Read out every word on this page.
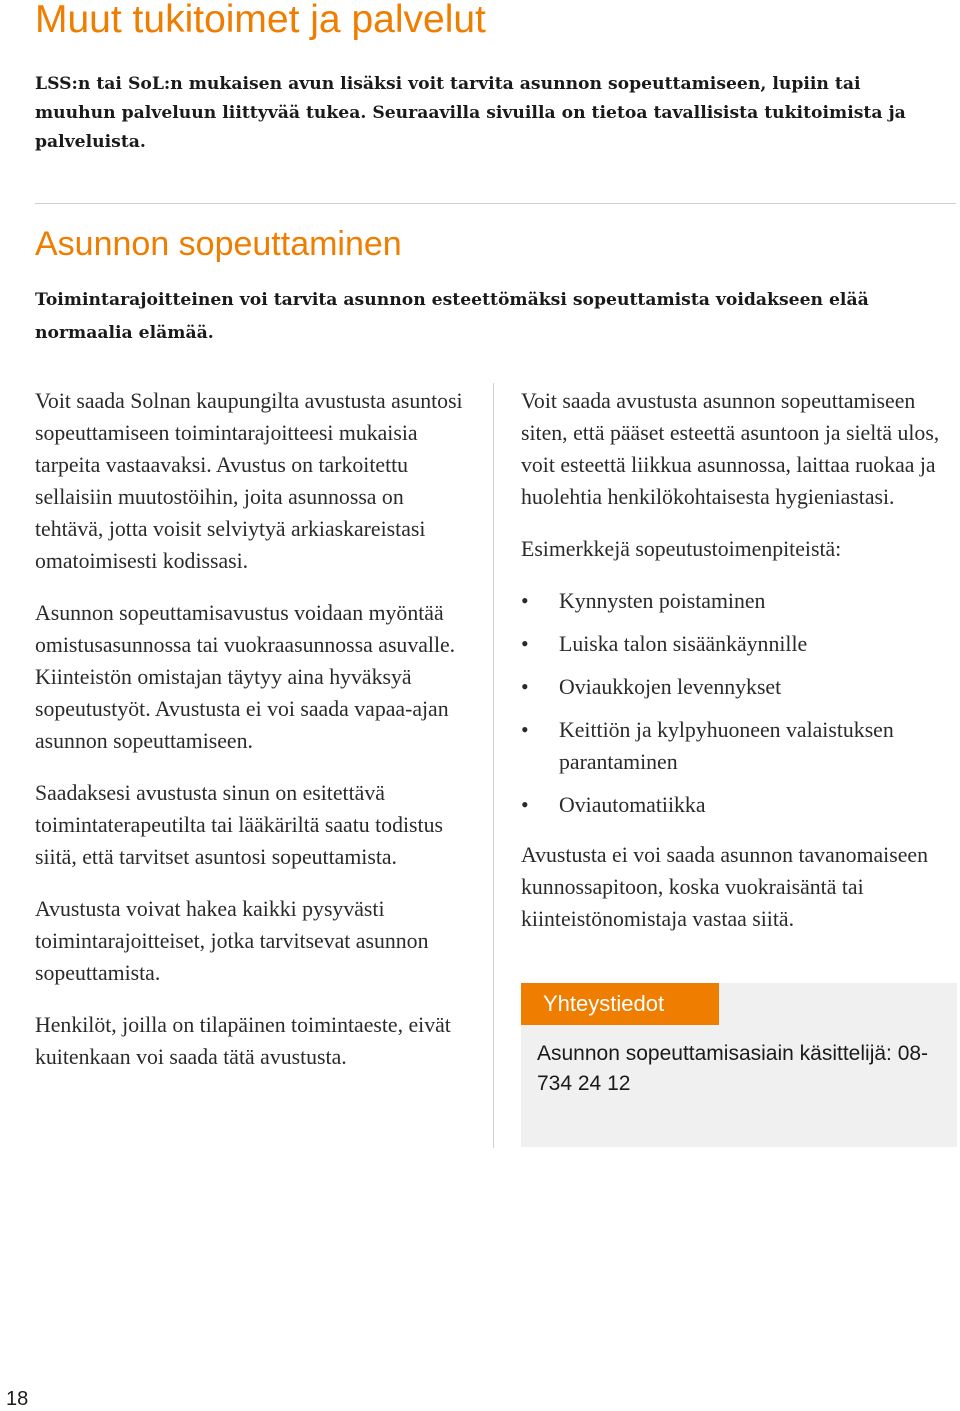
Muut tukitoimet ja palvelut

LSS:n tai SoL:n mukaisen avun lisäksi voit tarvita asunnon sopeuttamiseen, lupiin tai muuhun palveluun liittyvää tukea. Seuraavilla sivuilla on tietoa tavallisista tukitoimista ja palveluista.

Asunnon sopeuttaminen

Toimintarajoitteinen voi tarvita asunnon esteettömäksi sopeuttamista voidakseen elää normaalia elämää.

Voit saada Solnan kaupungilta avustusta asuntosi sopeuttamiseen toimintarajoitteesi mukaisia tarpeita vastaavaksi. Avustus on tarkoitettu sellaisiin muutostöihin, joita asunnossa on tehtävä, jotta voisit selviytyä arkiaskareistasi omatoimisesti kodissasi.

Asunnon sopeuttamisavustus voidaan myöntää omistusasunnossa tai vuokraasunnossa asuvalle. Kiinteistön omistajan täytyy aina hyväksyä sopeutustyöt. Avustusta ei voi saada vapaa-ajan asunnon sopeuttamiseen.

Saadaksesi avustusta sinun on esitettävä toimintaterapeutilta tai lääkäriltä saatu todistus siitä, että tarvitset asuntosi sopeuttamista.

Avustusta voivat hakea kaikki pysyvästi toimintarajoitteiset, jotka tarvitsevat asunnon sopeuttamista.

Henkilöt, joilla on tilapäinen toimintaeste, eivät kuitenkaan voi saada tätä avustusta.

Voit saada avustusta asunnon sopeuttamiseen siten, että pääset esteettä asuntoon ja sieltä ulos, voit esteettä liikkua asunnossa, laittaa ruokaa ja huolehtia henkilökohtaisesta hygieniastasi.

Esimerkkejä sopeutustoimenpiteistä:

• Kynnysten poistaminen
• Luiska talon sisäänkäynnille
• Oviaukkojen levennykset
• Keittiön ja kylpyhuoneen valaistuksen parantaminen
• Oviautomatiikka

Avustusta ei voi saada asunnon tavanomaiseen kunnossapitoon, koska vuokraisäntä tai kiinteistönomistaja vastaa siitä.

Yhteystiedot

Asunnon sopeuttamisasiain käsittelijä: 08-734 24 12

18
